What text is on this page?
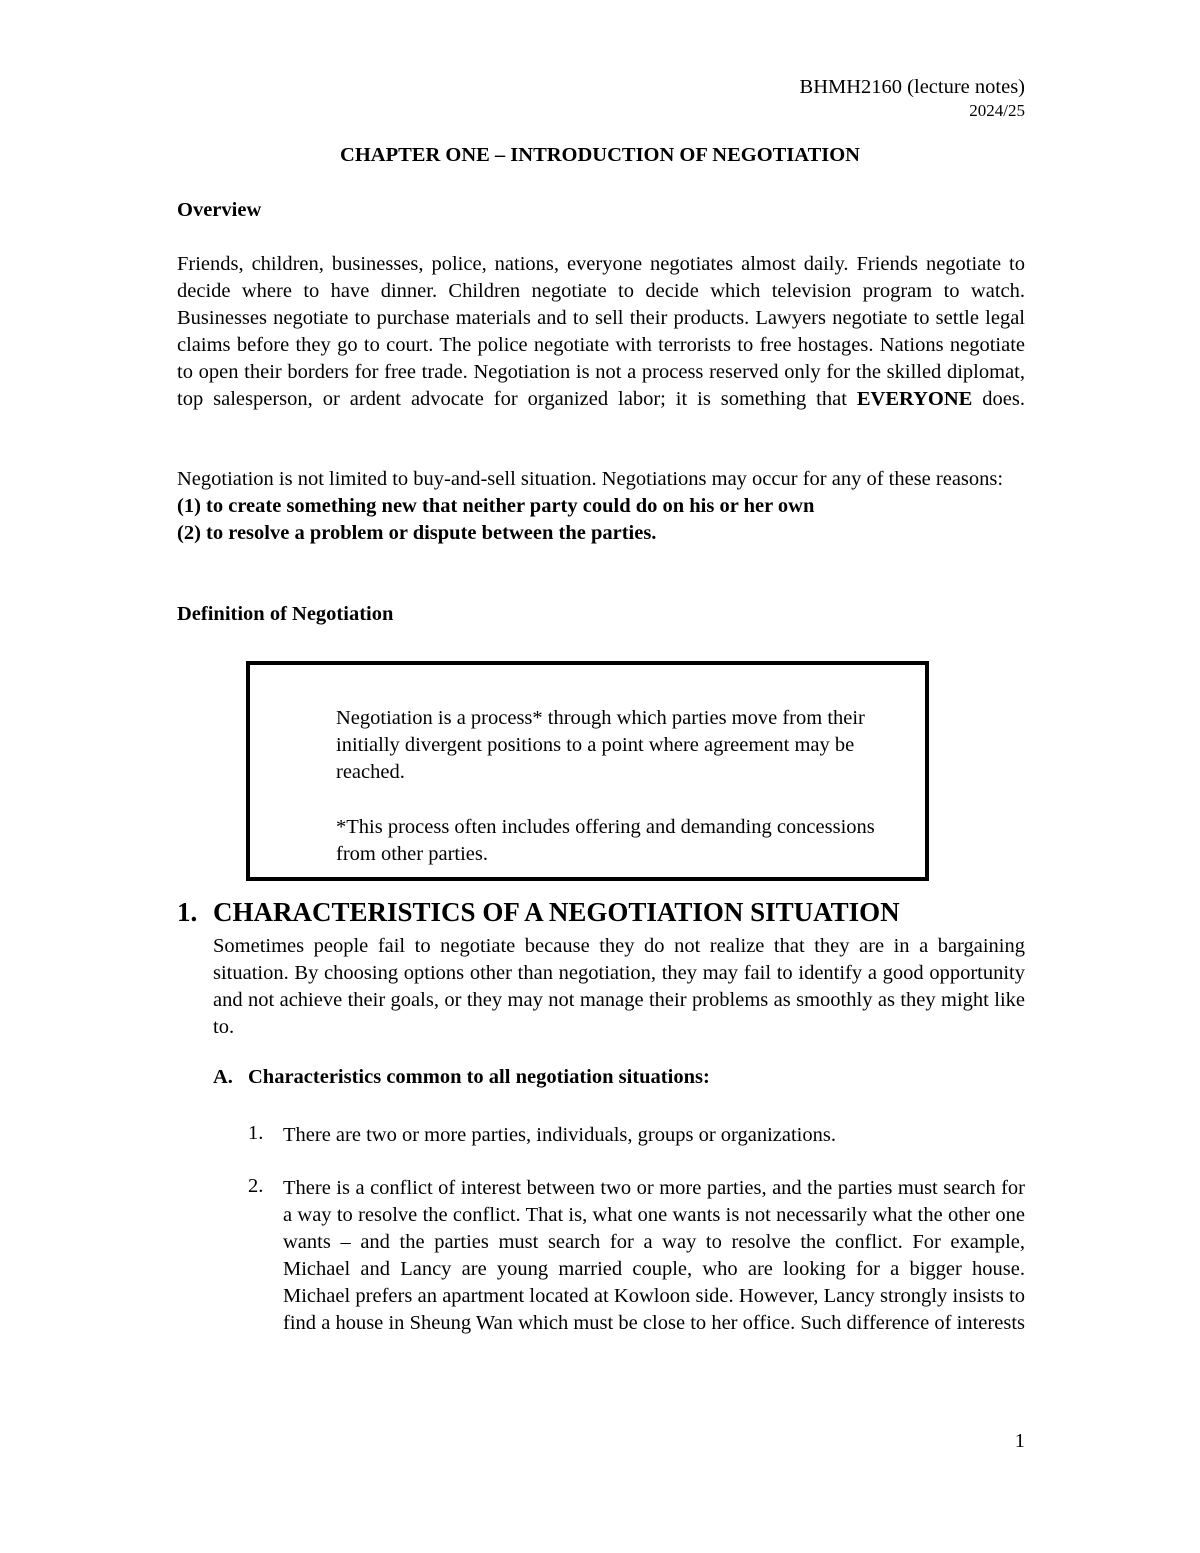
BHMH2160 (lecture notes)
2024/25
CHAPTER ONE – INTRODUCTION OF NEGOTIATION
Overview
Friends, children, businesses, police, nations, everyone negotiates almost daily. Friends negotiate to decide where to have dinner. Children negotiate to decide which television program to watch. Businesses negotiate to purchase materials and to sell their products. Lawyers negotiate to settle legal claims before they go to court. The police negotiate with terrorists to free hostages. Nations negotiate to open their borders for free trade. Negotiation is not a process reserved only for the skilled diplomat, top salesperson, or ardent advocate for organized labor; it is something that EVERYONE does.
Negotiation is not limited to buy-and-sell situation. Negotiations may occur for any of these reasons:
(1) to create something new that neither party could do on his or her own
(2) to resolve a problem or dispute between the parties.
Definition of Negotiation
Negotiation is a process* through which parties move from their initially divergent positions to a point where agreement may be reached.
*This process often includes offering and demanding concessions from other parties.
1. CHARACTERISTICS OF A NEGOTIATION SITUATION
Sometimes people fail to negotiate because they do not realize that they are in a bargaining situation. By choosing options other than negotiation, they may fail to identify a good opportunity and not achieve their goals, or they may not manage their problems as smoothly as they might like to.
A. Characteristics common to all negotiation situations:
1. There are two or more parties, individuals, groups or organizations.
2. There is a conflict of interest between two or more parties, and the parties must search for a way to resolve the conflict. That is, what one wants is not necessarily what the other one wants – and the parties must search for a way to resolve the conflict. For example, Michael and Lancy are young married couple, who are looking for a bigger house. Michael prefers an apartment located at Kowloon side. However, Lancy strongly insists to find a house in Sheung Wan which must be close to her office. Such difference of interests
1
